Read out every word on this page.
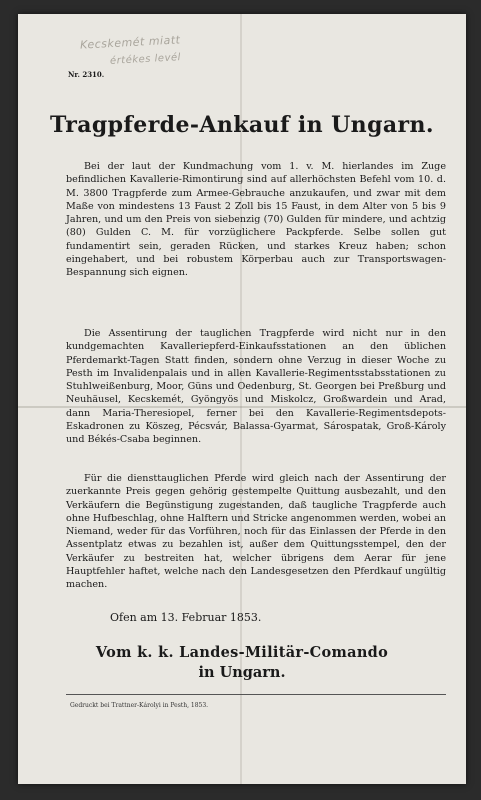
Kecskemét miatt
értékes levél
Nr. 2310.
Tragpferde-Ankauf in Ungarn.
Bei der laut der Kundmachung vom 1. v. M. hierlandes im Zuge befindlichen Kavallerie-Rimontirung sind auf allerhöchsten Befehl vom 10. d. M. 3800 Tragpferde zum Armee-Gebrauche anzukaufen, und zwar mit dem Maße von mindestens 13 Faust 2 Zoll bis 15 Faust, in dem Alter von 5 bis 9 Jahren, und um den Preis von siebenzig (70) Gulden für mindere, und achtzig (80) Gulden C. M. für vorzüglichere Packpferde. Selbe sollen gut fundamentirt sein, geraden Rücken, und starkes Kreuz haben; schon eingehabert, und bei robustem Körperbau auch zur Transportswagen-Bespannung sich eignen.
Die Assentirung der tauglichen Tragpferde wird nicht nur in den kundgemachten Kavalleriepferd-Einkaufsstationen an den üblichen Pferdemarkt-Tagen Statt finden, sondern ohne Verzug in dieser Woche zu Pesth im Invalidenpalais und in allen Kavallerie-Regimentsstabsstationen zu Stuhlweißenburg, Moor, Güns und Oedenburg, St. Georgen bei Preßburg und Neuhäusel, Kecskemét, Gyöngyös und Miskolcz, Großwardein und Arad, dann Maria-Theresiopel, ferner bei den Kavallerie-Regimentsdepots-Eskadronen zu Köszeg, Pécsvár, Balassa-Gyarmat, Sárospatak, Groß-Károly und Békés-Csaba beginnen.
Für die diensttauglichen Pferde wird gleich nach der Assentirung der zuerkannte Preis gegen gehörig gestempelte Quittung ausbezahlt, und den Verkäufern die Begünstigung zugestanden, daß taugliche Tragpferde auch ohne Hufbeschlag, ohne Halftern und Stricke angenommen werden, wobei an Niemand, weder für das Vorführen, noch für das Einlassen der Pferde in den Assentplatz etwas zu bezahlen ist, außer dem Quittungsstempel, den der Verkäufer zu bestreiten hat, welcher übrigens dem Aerar für jene Hauptfehler haftet, welche nach den Landesgesetzen den Pferdkauf ungültig machen.
Ofen am 13. Februar 1853.
Vom k. k. Landes-Militär-Comando
in Ungarn.
Gedruckt bei Trattner-Károlyi in Pesth, 1853.
